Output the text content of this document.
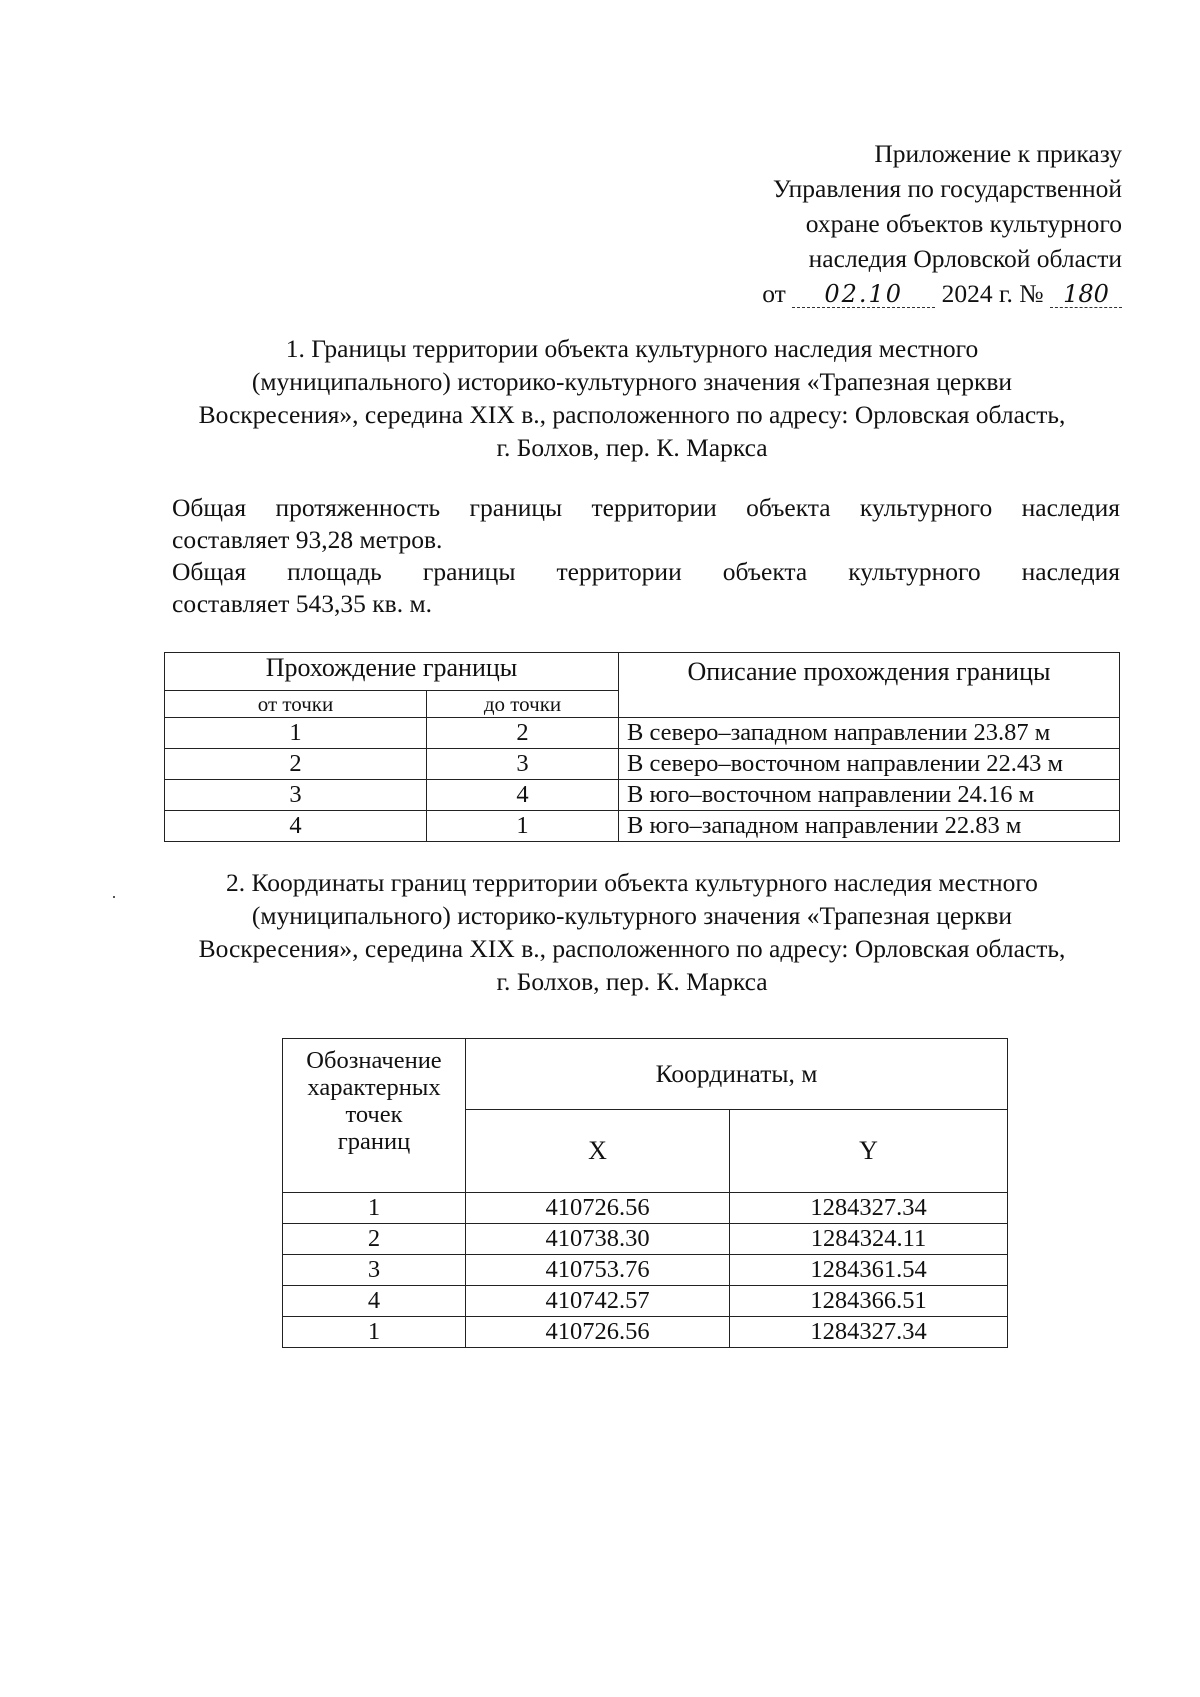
Приложение к приказу
Управления по государственной
охране объектов культурного
наследия Орловской области
от 02.10 2024 г. № 180
1. Границы территории объекта культурного наследия местного
(муниципального) историко-культурного значения «Трапезная церкви
Воскресения», середина XIX в., расположенного по адресу: Орловская область,
г. Болхов, пер. К. Маркса
Общая протяженность границы территории объекта культурного наследия
составляет 93,28 метров.
Общая площадь границы территории объекта культурного наследия
составляет 543,35 кв. м.
Прохождение границы		Описание прохождения границы
от точки	до точки	
1	2	В северо–западном направлении 23.87 м
2	3	В северо–восточном направлении 22.43 м
3	4	В юго–восточном направлении 24.16 м
4	1	В юго–западном направлении 22.83 м
2. Координаты границ территории объекта культурного наследия местного
(муниципального) историко-культурного значения «Трапезная церкви
Воскресения», середина XIX в., расположенного по адресу: Орловская область,
г. Болхов, пер. К. Маркса
Обозначение
характерных
точек
границ	Координаты, м	
	X	Y
1	410726.56	1284327.34
2	410738.30	1284324.11
3	410753.76	1284361.54
4	410742.57	1284366.51
1	410726.56	1284327.34
